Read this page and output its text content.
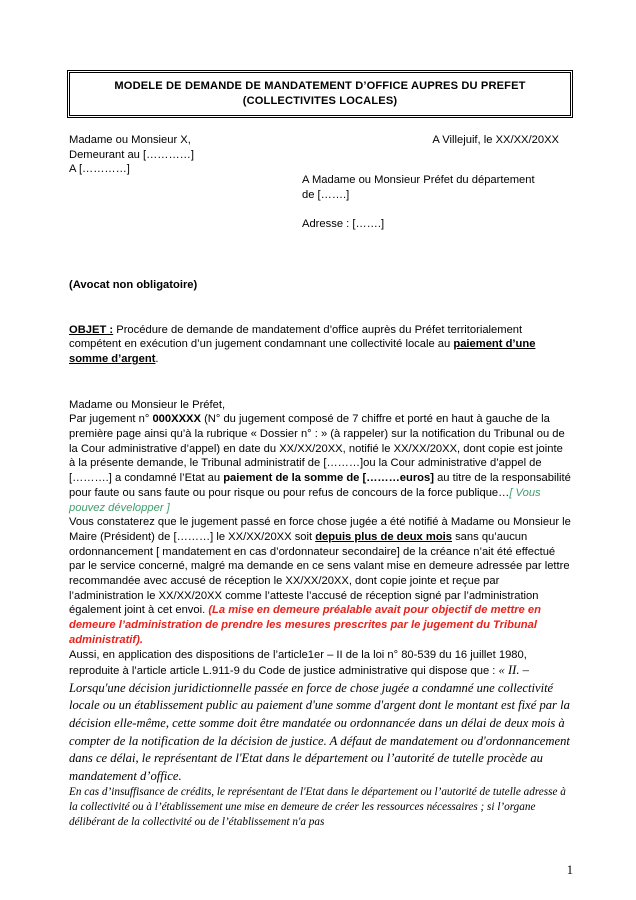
MODELE DE DEMANDE DE MANDATEMENT D’OFFICE AUPRES DU PREFET
(COLLECTIVITES LOCALES)
Madame ou Monsieur X,
Demeurant au […………]
A […………]
A Villejuif, le XX/XX/20XX
A Madame ou Monsieur Préfet du département
de […….]
Adresse : […….]
(Avocat non obligatoire)
OBJET : Procédure de demande de mandatement d’office auprès du Préfet territorialement compétent en exécution d’un jugement condamnant une collectivité locale au paiement d’une somme d’argent.
Madame ou Monsieur le Préfet,

Par jugement n° 000XXXX (N° du jugement composé de 7 chiffre et porté en haut à gauche de la première page ainsi qu’à la rubrique « Dossier n° : » (à rappeler) sur la notification du Tribunal ou de la Cour administrative d’appel) en date du XX/XX/20XX, notifié le XX/XX/20XX, dont copie est jointe à la présente demande, le Tribunal administratif de [………]ou la Cour administrative d’appel de [……….] a condamné l’Etat au paiement de la somme de [………euros] au titre de la responsabilité pour faute ou sans faute ou pour risque ou pour refus de concours de la force publique…[ Vous pouvez développer ]

Vous constaterez que le jugement passé en force chose jugée a été notifié à Madame ou Monsieur le Maire (Président) de [………] le XX/XX/20XX soit depuis plus de deux mois sans qu’aucun ordonnancement [ mandatement en cas d’ordonnateur secondaire] de la créance n’ait été effectué par le service concerné, malgré ma demande en ce sens valant mise en demeure adressée par lettre recommandée avec accusé de réception le XX/XX/20XX, dont copie jointe et reçue par l’administration le XX/XX/20XX comme l’atteste l’accusé de réception signé par l’administration également joint à cet envoi. (La mise en demeure préalable avait pour objectif de mettre en demeure l’administration de prendre les mesures prescrites par le jugement du Tribunal administratif).

Aussi, en application des dispositions de l’article1er – II de la loi n° 80-539 du 16 juillet 1980, reproduite à l’article article L.911-9 du Code de justice administrative qui dispose que : « II. – Lorsqu'une décision juridictionnelle passée en force de chose jugée a condamné une collectivité locale ou un établissement public au paiement d'une somme d'argent dont le montant est fixé par la décision elle-même, cette somme doit être mandatée ou ordonnancée dans un délai de deux mois à compter de la notification de la décision de justice. A défaut de mandatement ou d'ordonnancement dans ce délai, le représentant de l'Etat dans le département ou l’autorité de tutelle procède au mandatement d’office.

En cas d’insuffisance de crédits, le représentant de l'Etat dans le département ou l’autorité de tutelle adresse à la collectivité ou à l’établissement une mise en demeure de créer les ressources nécessaires ; si l’organe délibérant de la collectivité ou de l’établissement n'a pas

1
